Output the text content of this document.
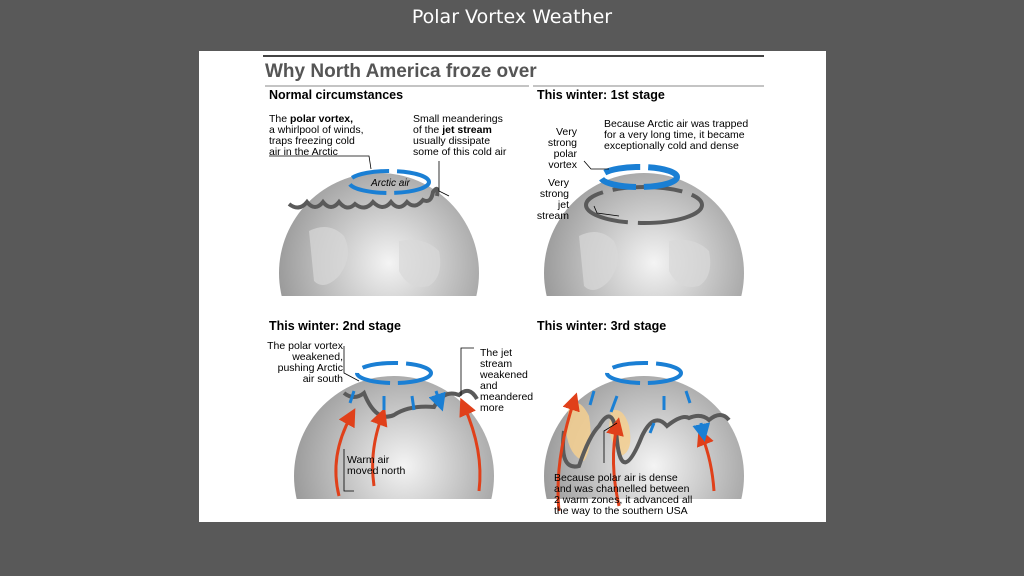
Polar Vortex Weather
Why North America froze over
Normal circumstances
The polar vortex,
a whirlpool of winds,
traps freezing cold
air in the Arctic
Small meanderings
of the jet stream
usually dissipate
some of this cold air
Arctic air
This winter: 1st stage
Because Arctic air was trapped
for a very long time, it became
exceptionally cold and dense
Very
strong
polar
vortex
Very
strong
jet
stream
This winter: 2nd stage
The polar vortex
weakened,
pushing Arctic
air south
The jet
stream
weakened
and
meandered
more
Warm air
moved north
This winter: 3rd stage
Because polar air is dense
and was channelled between
2 warm zones, it advanced all
the way to the southern USA
